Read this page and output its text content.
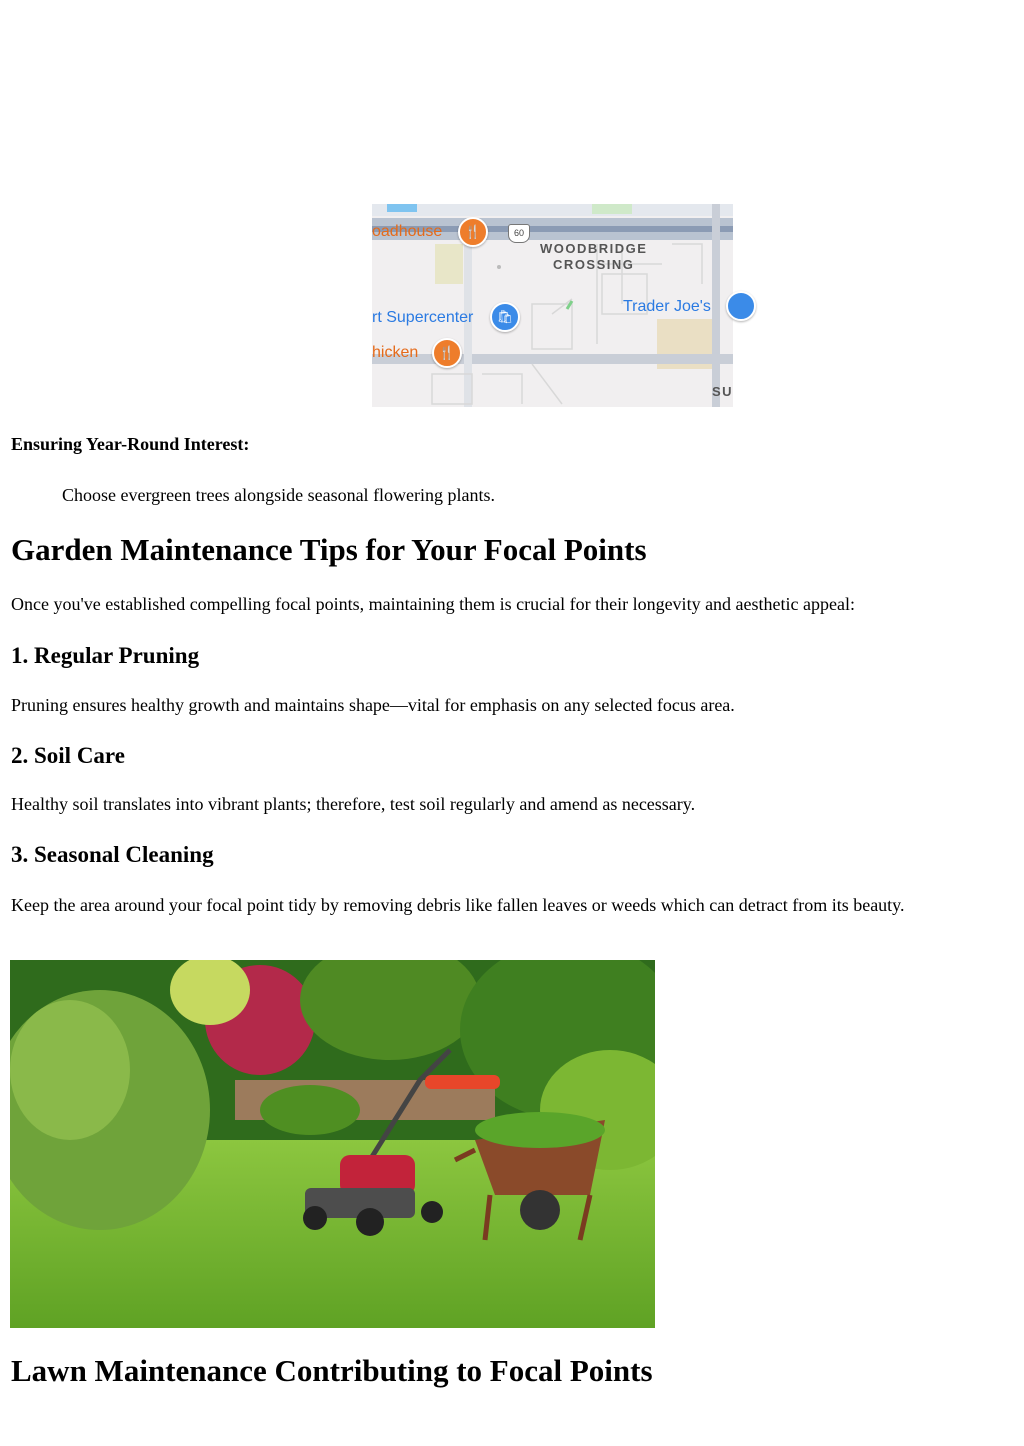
oadhouse	🍴	60
WOODBRIDGE
CROSSING
rt Supercenter	🛍
Trader Joe's
hicken	🍴
SU
Ensuring Year-Round Interest:

Choose evergreen trees alongside seasonal flowering plants.

Garden Maintenance Tips for Your Focal Points

Once you've established compelling focal points, maintaining them is crucial for their longevity and aesthetic appeal:

1. Regular Pruning

Pruning ensures healthy growth and maintains shape—vital for emphasis on any selected focus area.

2. Soil Care

Healthy soil translates into vibrant plants; therefore, test soil regularly and amend as necessary.

3. Seasonal Cleaning

Keep the area around your focal point tidy by removing debris like fallen leaves or weeds which can detract from its beauty.

Lawn Maintenance Contributing to Focal Points
